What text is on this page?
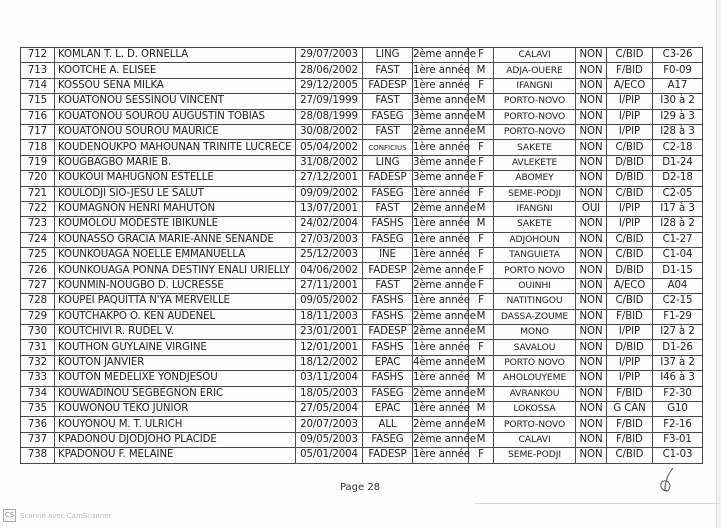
712	KOMLAN T. L. D. ORNELLA	29/07/2003	LING	2ème année	F	CALAVI	NON	C/BID	C3-26
713	KOOTCHE A. ELISEE	28/06/2002	FAST	1ère année	M	ADJA-OUERE	NON	F/BID	F0-09
714	KOSSOU SENA MILKA	29/12/2005	FADESP	1ère année	F	IFANGNI	NON	A/ECO	A17
715	KOUATONOU SESSINOU VINCENT	27/09/1999	FAST	3ème année	M	PORTO-NOVO	NON	I/PIP	I30 à 2
716	KOUATONOU SOUROU AUGUSTIN TOBIAS	28/08/1999	FASEG	3ème année	M	PORTO-NOVO	NON	I/PIP	I29 à 3
717	KOUATONOU SOUROU MAURICE	30/08/2002	FAST	2ème année	M	PORTO-NOVO	NON	I/PIP	I28 à 3
718	KOUDENOUKPO MAHOUNAN TRINITE LUCRECE	05/04/2002	CONFICIUS	1ère année	F	SAKETE	NON	C/BID	C2-18
719	KOUGBAGBO MARIE B.	31/08/2002	LING	3ème année	F	AVLEKETE	NON	D/BID	D1-24
720	KOUKOUI MAHUGNON ESTELLE	27/12/2001	FADESP	3ème année	F	ABOMEY	NON	D/BID	D2-18
721	KOULODJI SIO-JESU LE SALUT	09/09/2002	FASEG	1ère année	F	SEME-PODJI	NON	C/BID	C2-05
722	KOUMAGNON HENRI MAHUTON	13/07/2001	FAST	2ème année	M	IFANGNI	OUI	I/PIP	I17 à 3
723	KOUMOLOU MODESTE IBIKUNLE	24/02/2004	FASHS	1ère année	M	SAKETE	NON	I/PIP	I28 à 2
724	KOUNASSO GRACIA MARIE-ANNE SENANDE	27/03/2003	FASEG	1ère année	F	ADJOHOUN	NON	C/BID	C1-27
725	KOUNKOUAGA NOELLE EMMANUELLA	25/12/2003	INE	1ère année	F	TANGUIETA	NON	C/BID	C1-04
726	KOUNKOUAGA PONNA DESTINY ENALI URIELLY	04/06/2002	FADESP	2ème année	F	PORTO NOVO	NON	D/BID	D1-15
727	KOUNMIN-NOUGBO D. LUCRESSE	27/11/2001	FAST	2ème année	F	OUINHI	NON	A/ECO	A04
728	KOUPEI PAQUITTA N'YA MERVEILLE	09/05/2002	FASHS	1ère année	F	NATITINGOU	NON	C/BID	C2-15
729	KOUTCHAKPO O. KEN AUDENEL	18/11/2003	FASHS	2ème année	M	DASSA-ZOUME	NON	F/BID	F1-29
730	KOUTCHIVI R. RUDEL V.	23/01/2001	FADESP	2ème année	M	MONO	NON	I/PIP	I27 à 2
731	KOUTHON GUYLAINE VIRGINE	12/01/2001	FASHS	1ère année	F	SAVALOU	NON	D/BID	D1-26
732	KOUTON JANVIER	18/12/2002	EPAC	4ème année	M	PORTO NOVO	NON	I/PIP	I37 à 2
733	KOUTON MEDELIXE YONDJESOU	03/11/2004	FASHS	1ère année	M	AHOLOUYEME	NON	I/PIP	I46 à 3
734	KOUWADINOU SEGBEGNON ERIC	18/05/2003	FASEG	2ème année	M	AVRANKOU	NON	F/BID	F2-30
735	KOUWONOU TEKO JUNIOR	27/05/2004	EPAC	1ère année	M	LOKOSSA	NON	G CAN	G10
736	KOUYONOU M. T. ULRICH	20/07/2003	ALL	2ème année	M	PORTO-NOVO	NON	F/BID	F2-16
737	KPADONOU DJODJOHO PLACIDE	09/05/2003	FASEG	2ème année	M	CALAVI	NON	F/BID	F3-01
738	KPADONOU F. MELAINE	05/01/2004	FADESP	1ère année	F	SEME-PODJI	NON	C/BID	C1-03
Page 28
CS Scanné avec CamScanner
